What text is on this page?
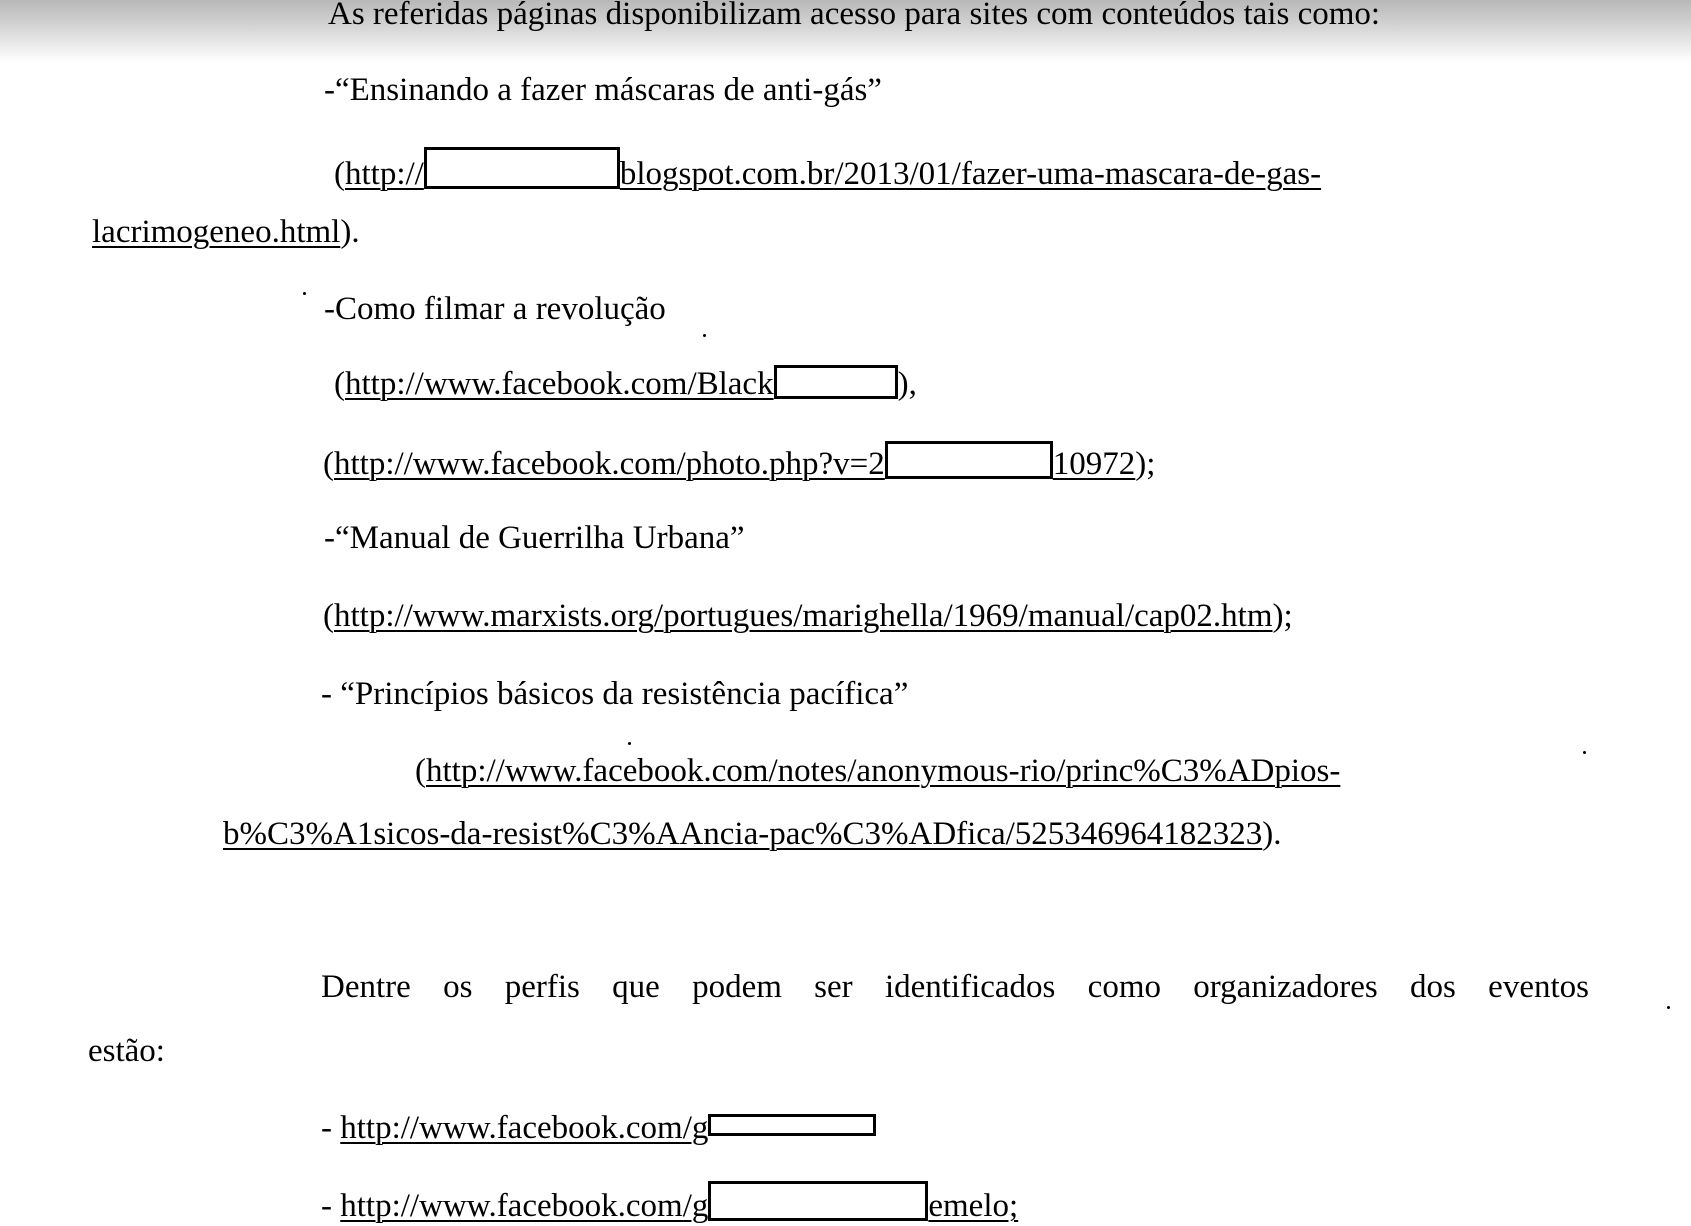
As referidas páginas disponibilizam acesso para sites com conteúdos tais como:
-“Ensinando a fazer máscaras de anti-gás”
(http://	blogspot.com.br/2013/01/fazer-uma-mascara-de-gas-
lacrimogeneo.html).
-Como filmar a revolução
(http://www.facebook.com/Black	),
(http://www.facebook.com/photo.php?v=2	10972);
-“Manual de Guerrilha Urbana”
(http://www.marxists.org/portugues/marighella/1969/manual/cap02.htm);
- “Princípios básicos da resistência pacífica”
(http://www.facebook.com/notes/anonymous-rio/princ%C3%ADpios-
b%C3%A1sicos-da-resist%C3%AAncia-pac%C3%ADfica/525346964182323).
Dentre os perfis que podem ser identificados como organizadores dos eventos
estão:
- http://www.facebook.com/g
- http://www.facebook.com/g	emelo;
